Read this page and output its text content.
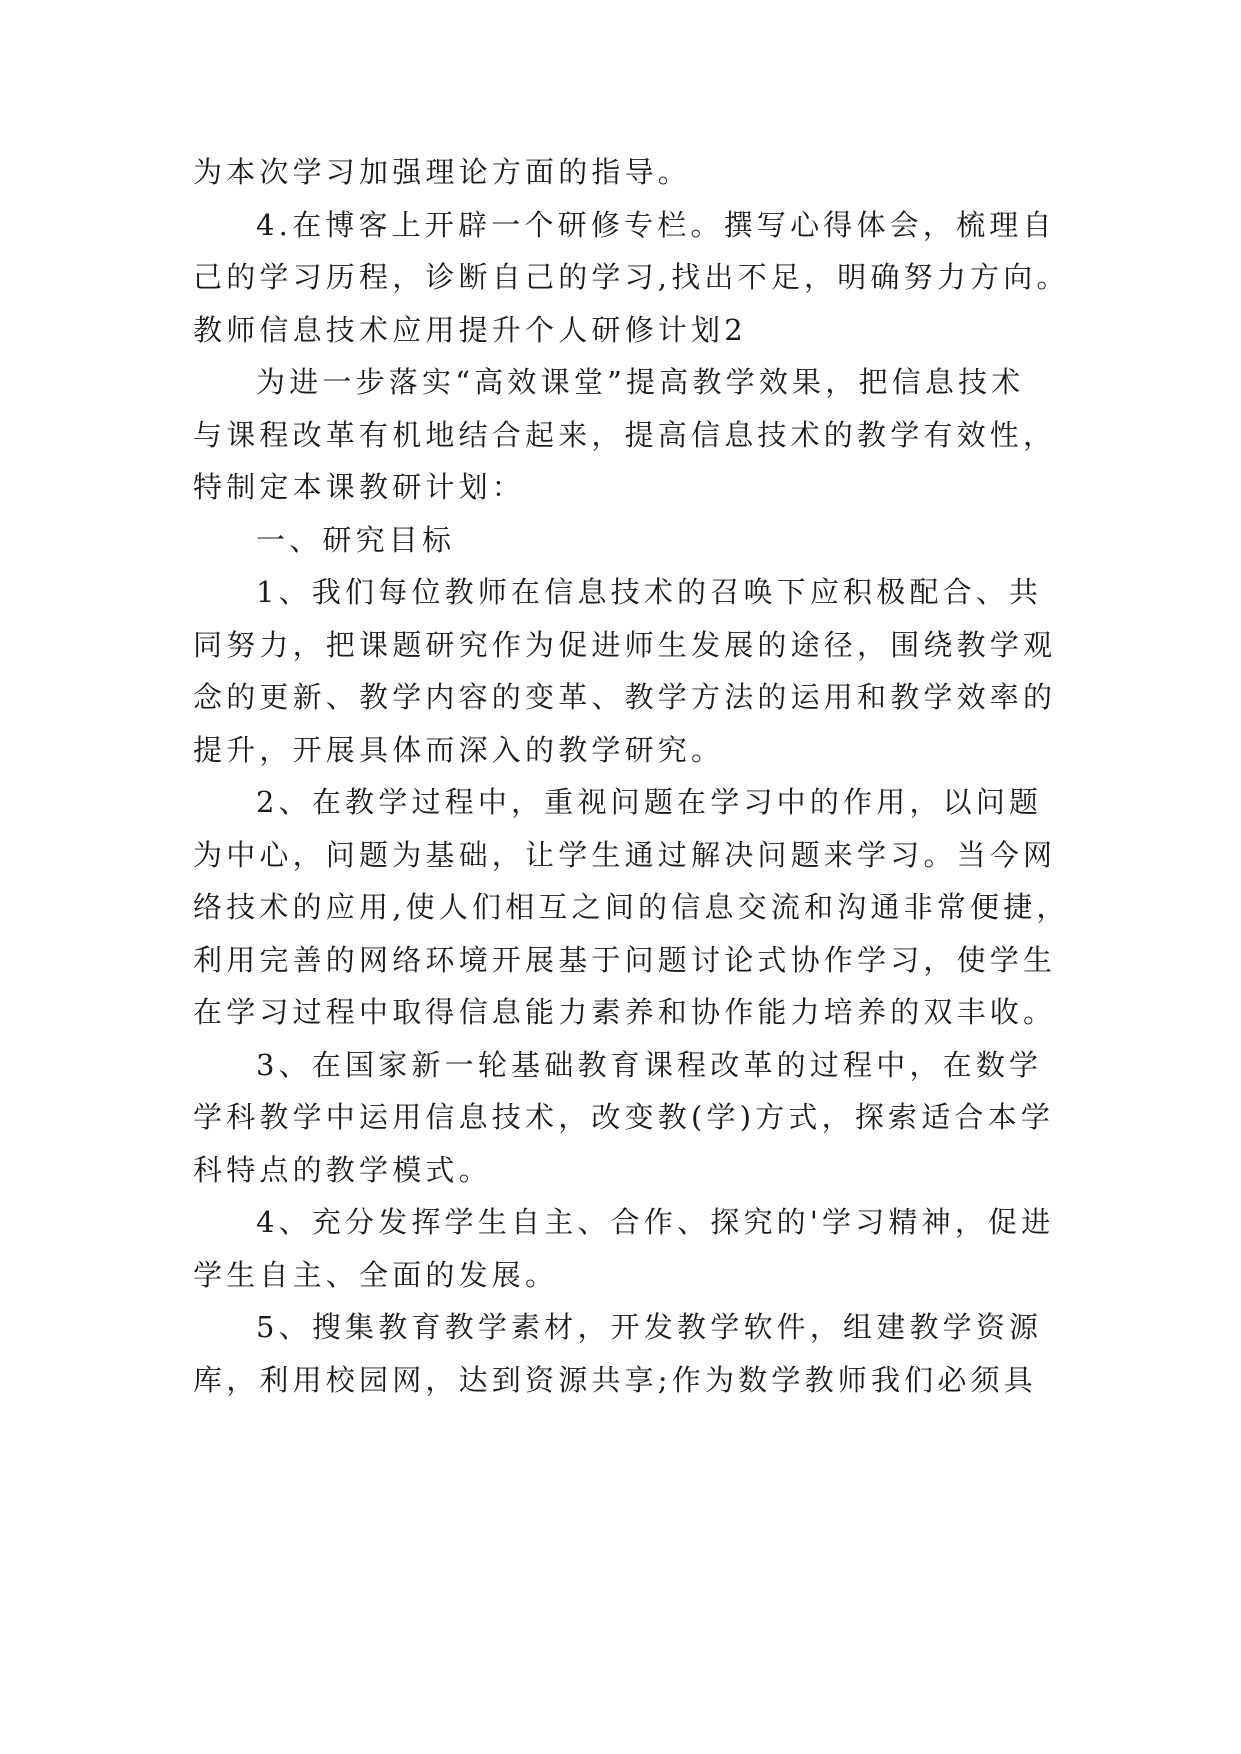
为本次学习加强理论方面的指导。
4.在博客上开辟一个研修专栏。撰写心得体会，梳理自
己的学习历程，诊断自己的学习,找出不足，明确努力方向。
教师信息技术应用提升个人研修计划2
为进一步落实“高效课堂”提高教学效果，把信息技术
与课程改革有机地结合起来，提高信息技术的教学有效性，
特制定本课教研计划：
一、研究目标
1、我们每位教师在信息技术的召唤下应积极配合、共
同努力，把课题研究作为促进师生发展的途径，围绕教学观
念的更新、教学内容的变革、教学方法的运用和教学效率的
提升，开展具体而深入的教学研究。
2、在教学过程中，重视问题在学习中的作用，以问题
为中心，问题为基础，让学生通过解决问题来学习。当今网
络技术的应用,使人们相互之间的信息交流和沟通非常便捷，
利用完善的网络环境开展基于问题讨论式协作学习，使学生
在学习过程中取得信息能力素养和协作能力培养的双丰收。
3、在国家新一轮基础教育课程改革的过程中，在数学
学科教学中运用信息技术，改变教(学)方式，探索适合本学
科特点的教学模式。
4、充分发挥学生自主、合作、探究的'学习精神，促进
学生自主、全面的发展。
5、搜集教育教学素材，开发教学软件，组建教学资源
库，利用校园网，达到资源共享;作为数学教师我们必须具
